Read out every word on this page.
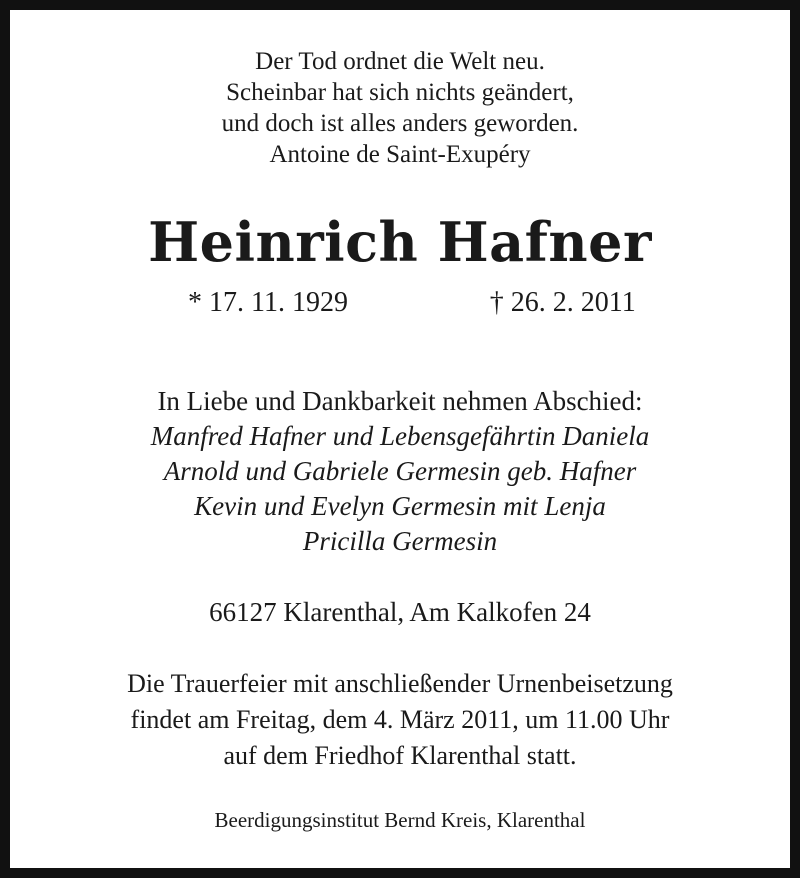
Der Tod ordnet die Welt neu.
Scheinbar hat sich nichts geändert,
und doch ist alles anders geworden.
Antoine de Saint-Exupéry
Heinrich Hafner
* 17. 11. 1929	† 26. 2. 2011
In Liebe und Dankbarkeit nehmen Abschied:
Manfred Hafner und Lebensgefährtin Daniela
Arnold und Gabriele Germesin geb. Hafner
Kevin und Evelyn Germesin mit Lenja
Pricilla Germesin
66127 Klarenthal, Am Kalkofen 24
Die Trauerfeier mit anschließender Urnenbeisetzung
findet am Freitag, dem 4. März 2011, um 11.00 Uhr
auf dem Friedhof Klarenthal statt.
Beerdigungsinstitut Bernd Kreis, Klarenthal
